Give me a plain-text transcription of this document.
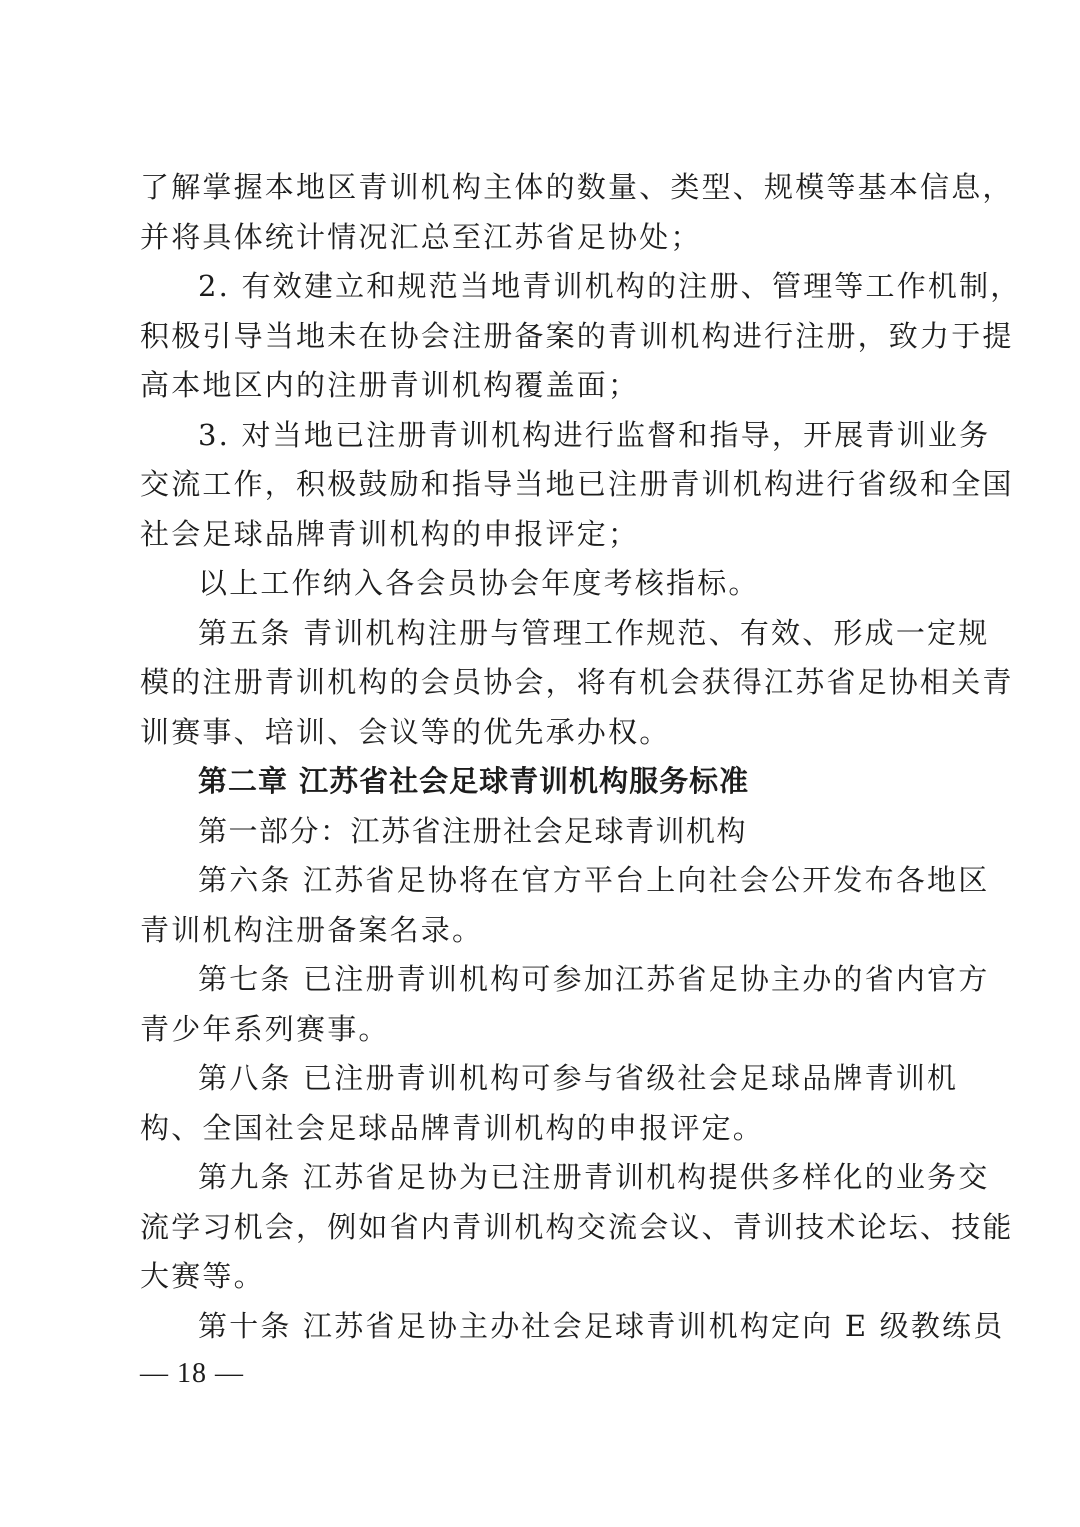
了解掌握本地区青训机构主体的数量、类型、规模等基本信息，
并将具体统计情况汇总至江苏省足协处；
2. 有效建立和规范当地青训机构的注册、管理等工作机制，
积极引导当地未在协会注册备案的青训机构进行注册，致力于提
高本地区内的注册青训机构覆盖面；
3. 对当地已注册青训机构进行监督和指导，开展青训业务
交流工作，积极鼓励和指导当地已注册青训机构进行省级和全国
社会足球品牌青训机构的申报评定；
以上工作纳入各会员协会年度考核指标。
第五条 青训机构注册与管理工作规范、有效、形成一定规
模的注册青训机构的会员协会，将有机会获得江苏省足协相关青
训赛事、培训、会议等的优先承办权。
第二章 江苏省社会足球青训机构服务标准
第一部分：江苏省注册社会足球青训机构
第六条 江苏省足协将在官方平台上向社会公开发布各地区
青训机构注册备案名录。
第七条 已注册青训机构可参加江苏省足协主办的省内官方
青少年系列赛事。
第八条 已注册青训机构可参与省级社会足球品牌青训机
构、全国社会足球品牌青训机构的申报评定。
第九条 江苏省足协为已注册青训机构提供多样化的业务交
流学习机会，例如省内青训机构交流会议、青训技术论坛、技能
大赛等。
第十条 江苏省足协主办社会足球青训机构定向 E 级教练员
— 18 —
